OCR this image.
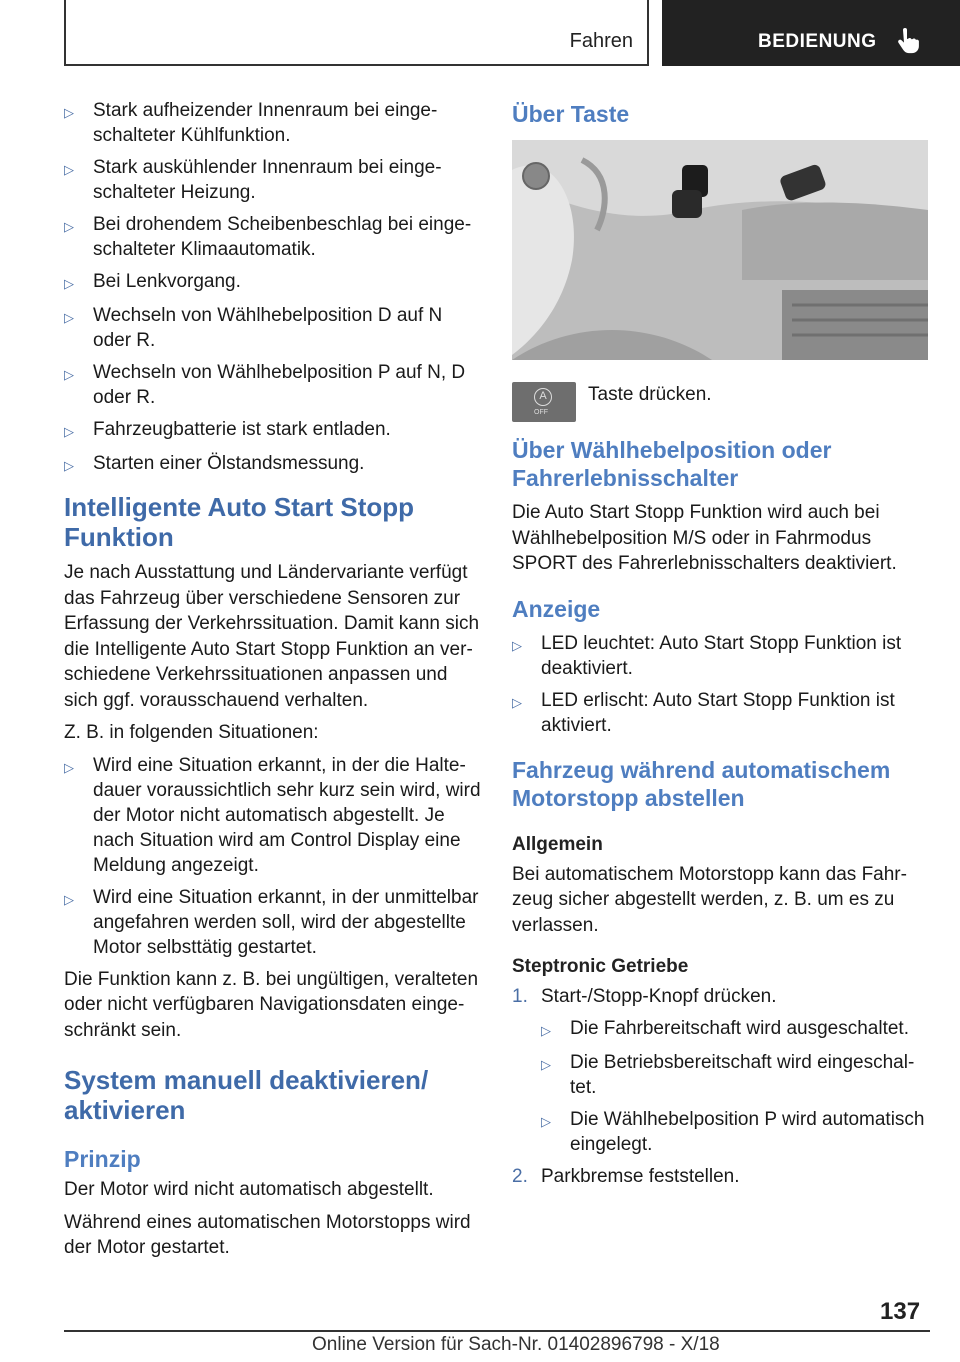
Fahren	BEDIENUNG
▷	Stark aufheizender Innenraum bei eingeschalteter Kühlfunktion.
▷	Stark auskühlender Innenraum bei eingeschalteter Heizung.
▷	Bei drohendem Scheibenbeschlag bei eingeschalteter Klimaautomatik.
▷	Bei Lenkvorgang.
▷	Wechseln von Wählhebelposition D auf N oder R.
▷	Wechseln von Wählhebelposition P auf N, D oder R.
▷	Fahrzeugbatterie ist stark entladen.
▷	Starten einer Ölstandsmessung.
Intelligente Auto Start Stopp Funktion
Je nach Ausstattung und Ländervariante verfügt das Fahrzeug über verschiedene Sensoren zur Erfassung der Verkehrssituation. Damit kann sich die Intelligente Auto Start Stopp Funktion an verschiedene Verkehrssituationen anpassen und sich ggf. vorausschauend verhalten.
Z. B. in folgenden Situationen:
▷	Wird eine Situation erkannt, in der die Haltedauer voraussichtlich sehr kurz sein wird, wird der Motor nicht automatisch abgestellt. Je nach Situation wird am Control Display eine Meldung angezeigt.
▷	Wird eine Situation erkannt, in der unmittelbar angefahren werden soll, wird der abgestellte Motor selbsttätig gestartet.
Die Funktion kann z. B. bei ungültigen, veralteten oder nicht verfügbaren Navigationsdaten eingeschränkt sein.
System manuell deaktivieren/ aktivieren
Prinzip
Der Motor wird nicht automatisch abgestellt.
Während eines automatischen Motorstopps wird der Motor gestartet.
Über Taste
A
OFF
Taste drücken.
Über Wählhebelposition oder Fahrerlebnisschalter
Die Auto Start Stopp Funktion wird auch bei Wählhebelposition M/S oder in Fahrmodus SPORT des Fahrerlebnisschalters deaktiviert.
Anzeige
▷	LED leuchtet: Auto Start Stopp Funktion ist deaktiviert.
▷	LED erlischt: Auto Start Stopp Funktion ist aktiviert.
Fahrzeug während automatischem Motorstopp abstellen
Allgemein
Bei automatischem Motorstopp kann das Fahrzeug sicher abgestellt werden, z. B. um es zu verlassen.
Steptronic Getriebe
1. Start-/Stopp-Knopf drücken.
▷	Die Fahrbereitschaft wird ausgeschaltet.
▷	Die Betriebsbereitschaft wird eingeschaltet.
▷	Die Wählhebelposition P wird automatisch eingelegt.
2. Parkbremse feststellen.
137
Online Version für Sach-Nr. 01402896798 - X/18
